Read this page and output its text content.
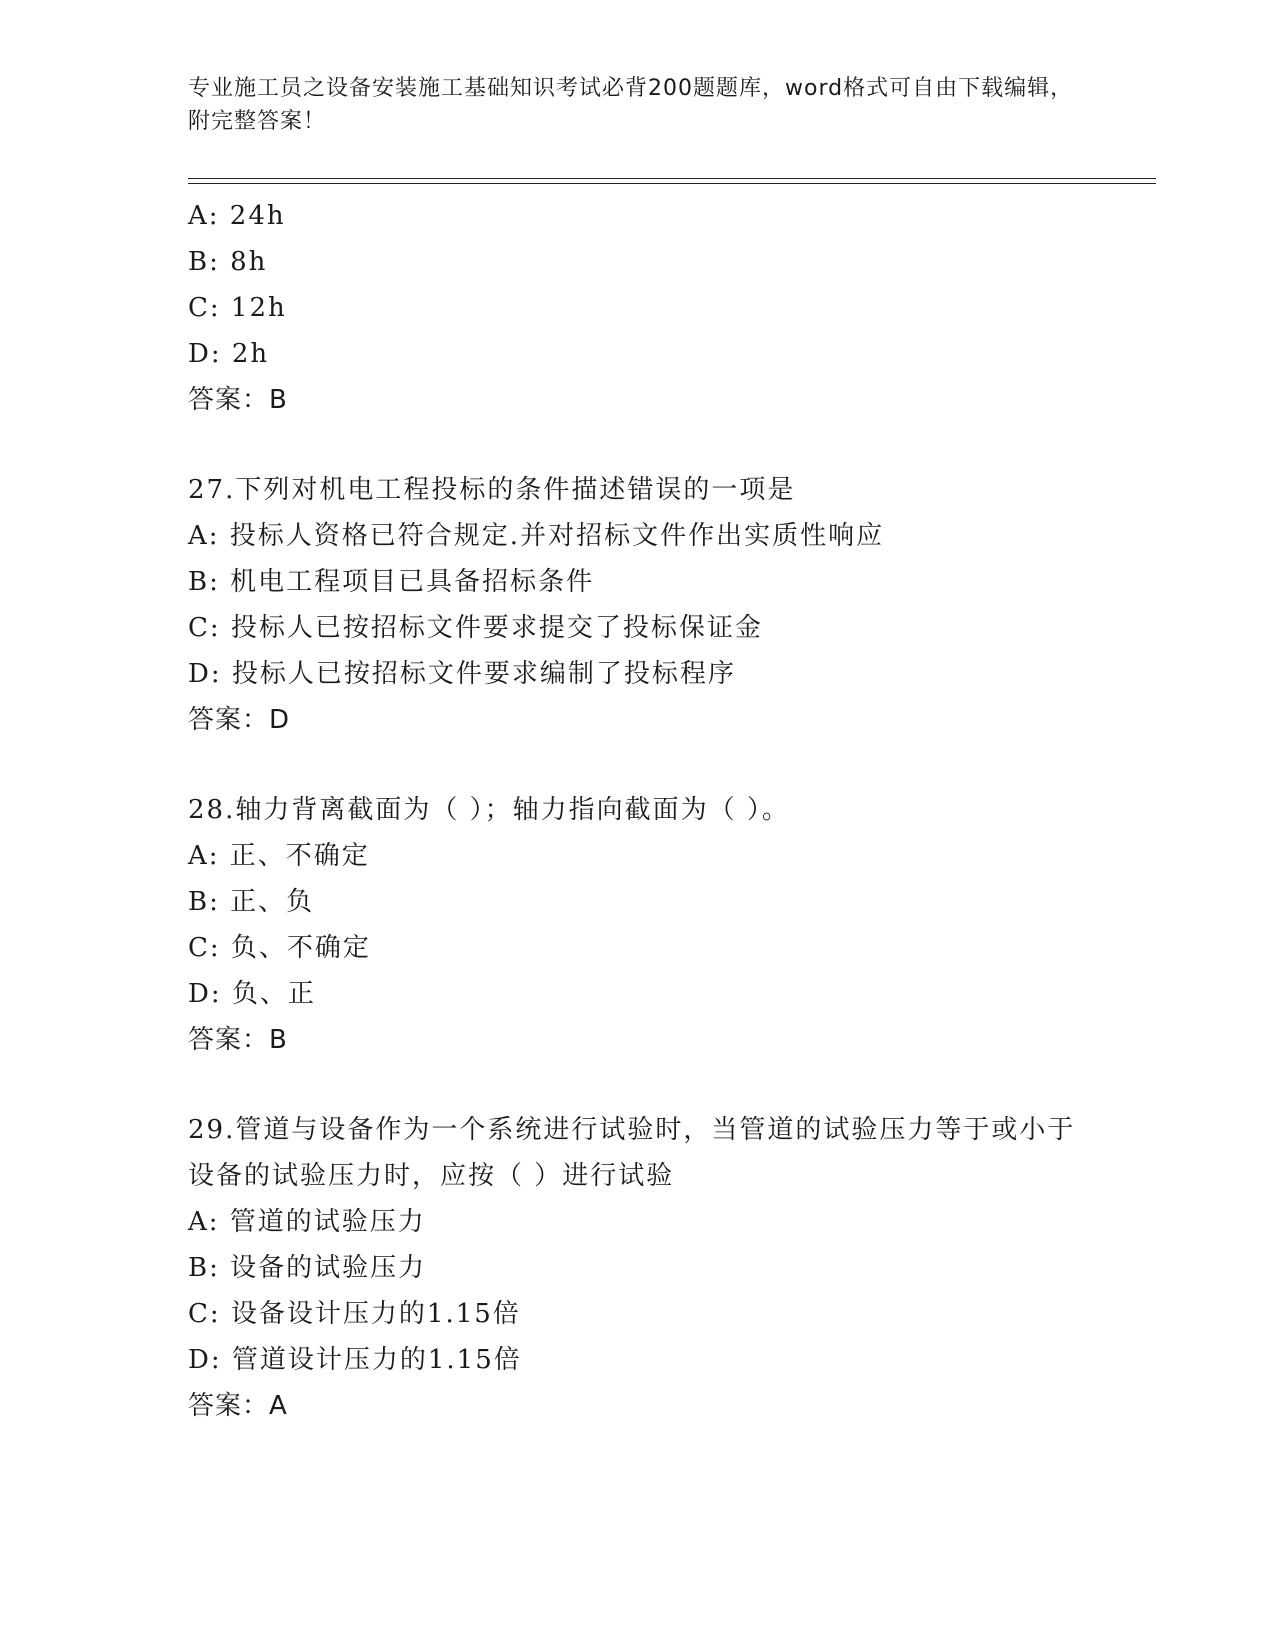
专业施工员之设备安装施工基础知识考试必背200题题库，word格式可自由下载编辑，附完整答案！
A: 24h
B: 8h
C: 12h
D: 2h
答案：B
27.下列对机电工程投标的条件描述错误的一项是
A: 投标人资格已符合规定.并对招标文件作出实质性响应
B: 机电工程项目已具备招标条件
C: 投标人已按招标文件要求提交了投标保证金
D: 投标人已按招标文件要求编制了投标程序
答案：D
28.轴力背离截面为（ ）；轴力指向截面为（ ）。
A: 正、不确定
B: 正、负
C: 负、不确定
D: 负、正
答案：B
29.管道与设备作为一个系统进行试验时，当管道的试验压力等于或小于设备的试验压力时，应按（ ）进行试验
A: 管道的试验压力
B: 设备的试验压力
C: 设备设计压力的1.15倍
D: 管道设计压力的1.15倍
答案：A
